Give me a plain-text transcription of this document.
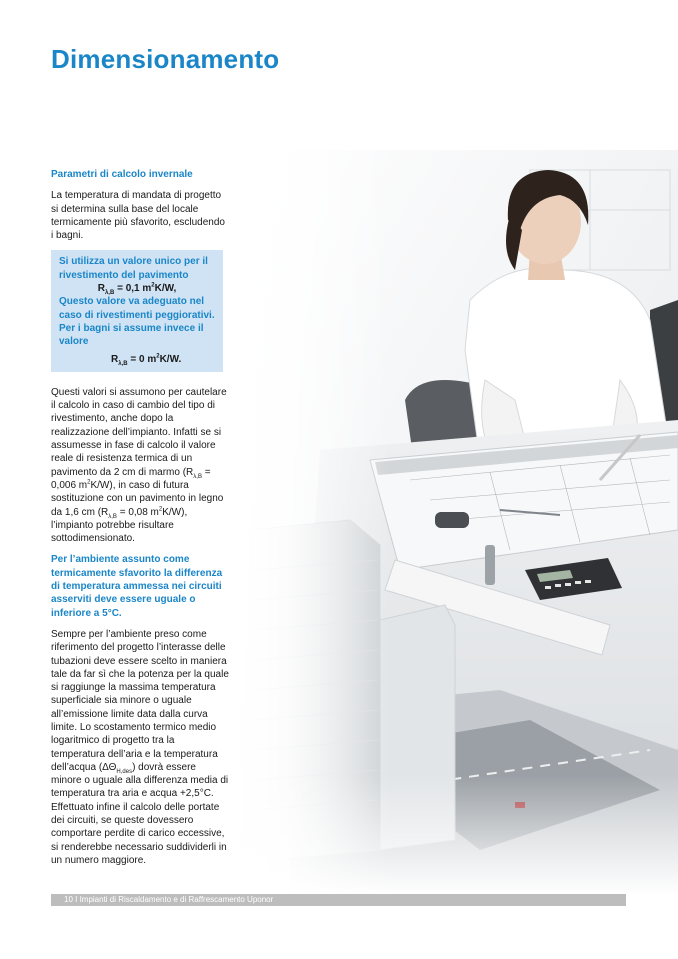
Dimensionamento
Parametri di calcolo invernale

La temperatura di mandata di progetto si determina sulla base del locale termicamente più sfavorito, escludendo i bagni.

Si utilizza un valore unico per il rivestimento del pavimento
$R_{\lambda,B} = 0,1$ $m^2K/W$,
Questo valore va adeguato nel caso di rivestimenti peggiorativi. Per i bagni si assume invece il valore
$R_{\lambda,B} = 0$ $m^2K/W$.

Questi valori si assumono per cautelare il calcolo in caso di cambio del tipo di rivestimento, anche dopo la realizzazione dell’impianto. Infatti se si assumesse in fase di calcolo il valore reale di resistenza termica di un pavimento da 2 cm di marmo ($R_{\lambda,B} = 0,006$ $m^2K/W$), in caso di futura sostituzione con un pavimento in legno da 1,6 cm ($R_{\lambda,B} = 0,08$ $m^2K/W$), l’impianto potrebbe risultare sottodimensionato.

Per l’ambiente assunto come termicamente sfavorito la differenza di temperatura ammessa nei circuiti asserviti deve essere uguale o inferiore a 5°C.

Sempre per l’ambiente preso come riferimento del progetto l’interasse delle tubazioni deve essere scelto in maniera tale da far sì che la potenza per la quale si raggiunge la massima temperatura superficiale sia minore o uguale all’emissione limite data dalla curva limite. Lo scostamento termico medio logaritmico di progetto tra la temperatura dell’aria e la temperatura dell’acqua $(\Delta\Theta_{H,des})$ dovrà essere minore o uguale alla differenza media di temperatura tra aria e acqua +2,5°C. Effettuato infine il calcolo delle portate dei circuiti, se queste dovessero comportare perdite di carico eccessive, si renderebbe necessario suddividerli in un numero maggiore.

10 I Impianti di Riscaldamento e di Raffrescamento Uponor
